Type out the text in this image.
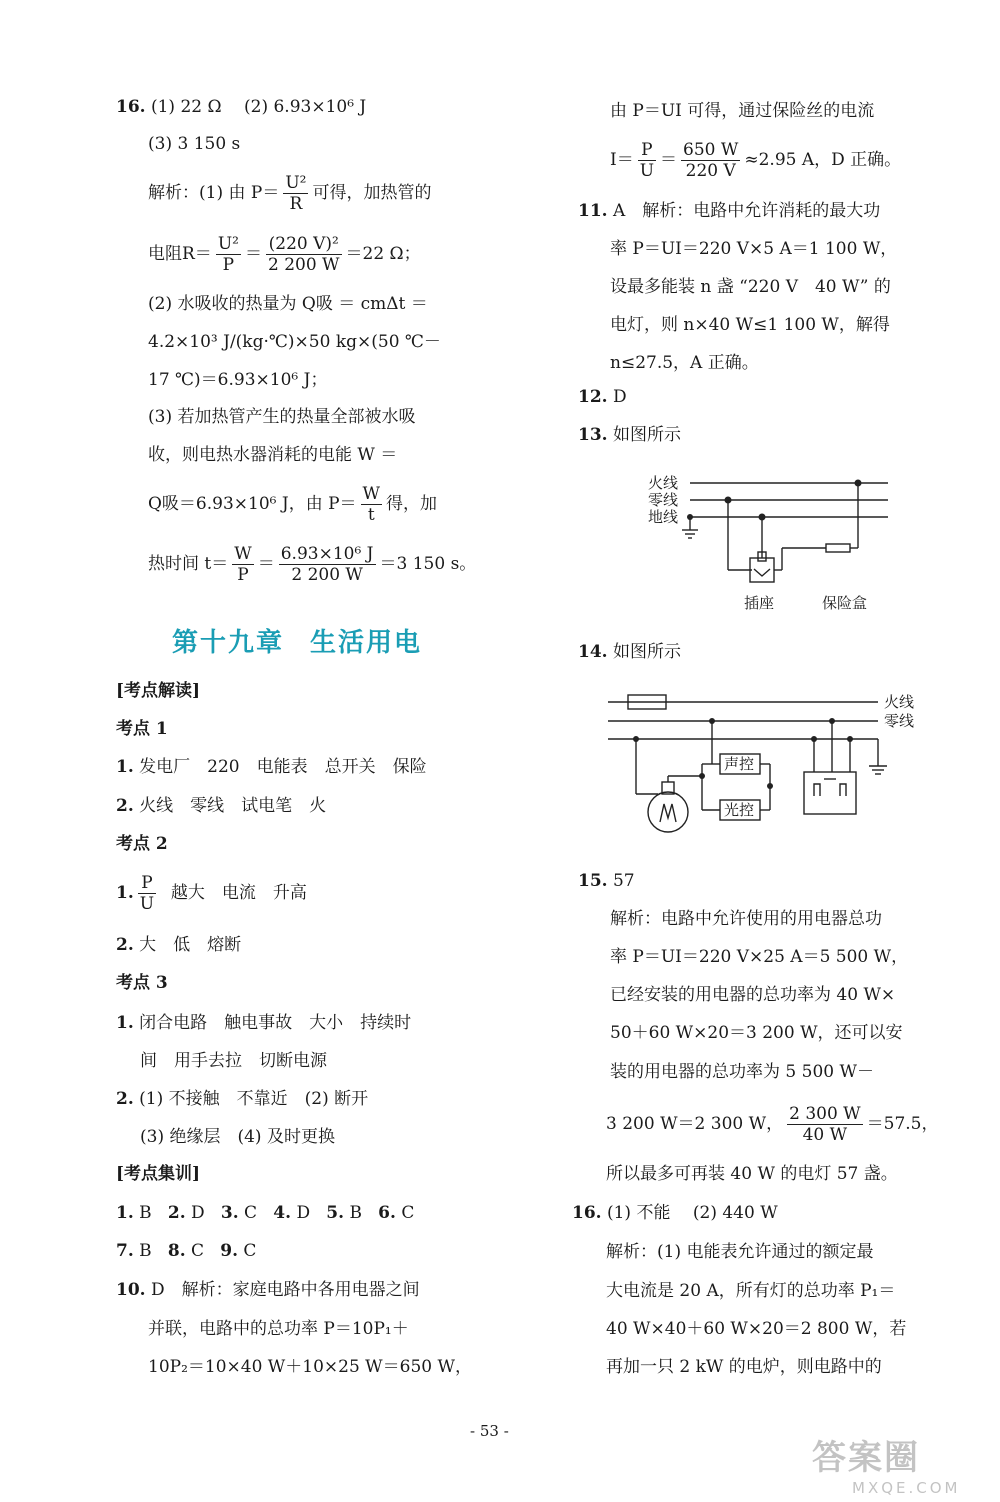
16. (1) 22 Ω　 (2) 6.93×10⁶ J
(3) 3 150 s
解析：(1) 由 $P= \frac{\text{U²}}{R}$ 可得，加热管的
电阻$R= \frac{\text{U²}}{P} = \frac{\text{(220 V)²}}{2 200 W} =22$ Ω；
(2) 水吸收的热量为 Q吸 ＝ cmΔt ＝
4.2×10³ J/(kg·℃)×50 kg×(50 ℃－
17 ℃)＝6.93×10⁶ J；
(3) 若加热管产生的热量全部被水吸
收，则电热水器消耗的电能 W ＝
Q吸＝6.93×10⁶ J，由 $P= \frac{W}{t}$ 得，加
热时间 $t= \frac{W}{P} = \frac{\text{6.93×10⁶ J}}{2 200 W} =3$ 150 s。
第十九章 生活用电
[考点解读]
考点 1
1. 发电厂　220　电能表　总开关　保险
2. 火线　零线　试电笔　火
考点 2
1. $\frac{P}{U}$ 越大　电流　升高
2. 大　低　熔断
考点 3
1. 闭合电路　触电事故　大小　持续时
间　用手去拉　切断电源
2. (1) 不接触　不靠近　(2) 断开
(3) 绝缘层　(4) 及时更换
[考点集训]
1. B 2. D 3. C 4. D 5. B 6. C
7. B 8. C 9. C
10. D　解析：家庭电路中各用电器之间
并联，电路中的总功率 P＝10P₁＋
10P₂＝10×40 W＋10×25 W＝650 W，
由 P＝UI 可得，通过保险丝的电流
$I= \frac{P}{U} = \frac{650 W}{220 V} \approx 2.95$ A，D 正确。
11. A　解析：电路中允许消耗的最大功
率 P＝UI＝220 V×5 A＝1 100 W，
设最多能装 n 盏 “220 V　40 W” 的
电灯，则 n×40 W≤1 100 W，解得
n≤27.5，A 正确。
12. D
13. 如图所示
火线
零线
地线
插座	保险盒
14. 如图所示
火线
零线
声控
光控
15. 57
解析：电路中允许使用的用电器总功
率 P＝UI＝220 V×25 A＝5 500 W，
已经安装的用电器的总功率为 40 W×
50＋60 W×20＝3 200 W，还可以安
装的用电器的总功率为 5 500 W－
3 200 W＝2 300 W， $\frac{2 300 W}{40 W} =57.5$，
所以最多可再装 40 W 的电灯 57 盏。
16. (1) 不能　 (2) 440 W
解析：(1) 电能表允许通过的额定最
大电流是 20 A，所有灯的总功率 P₁＝
40 W×40＋60 W×20＝2 800 W，若
再加一只 2 kW 的电炉，则电路中的
- 53 -
答案圈
MXQE.COM
